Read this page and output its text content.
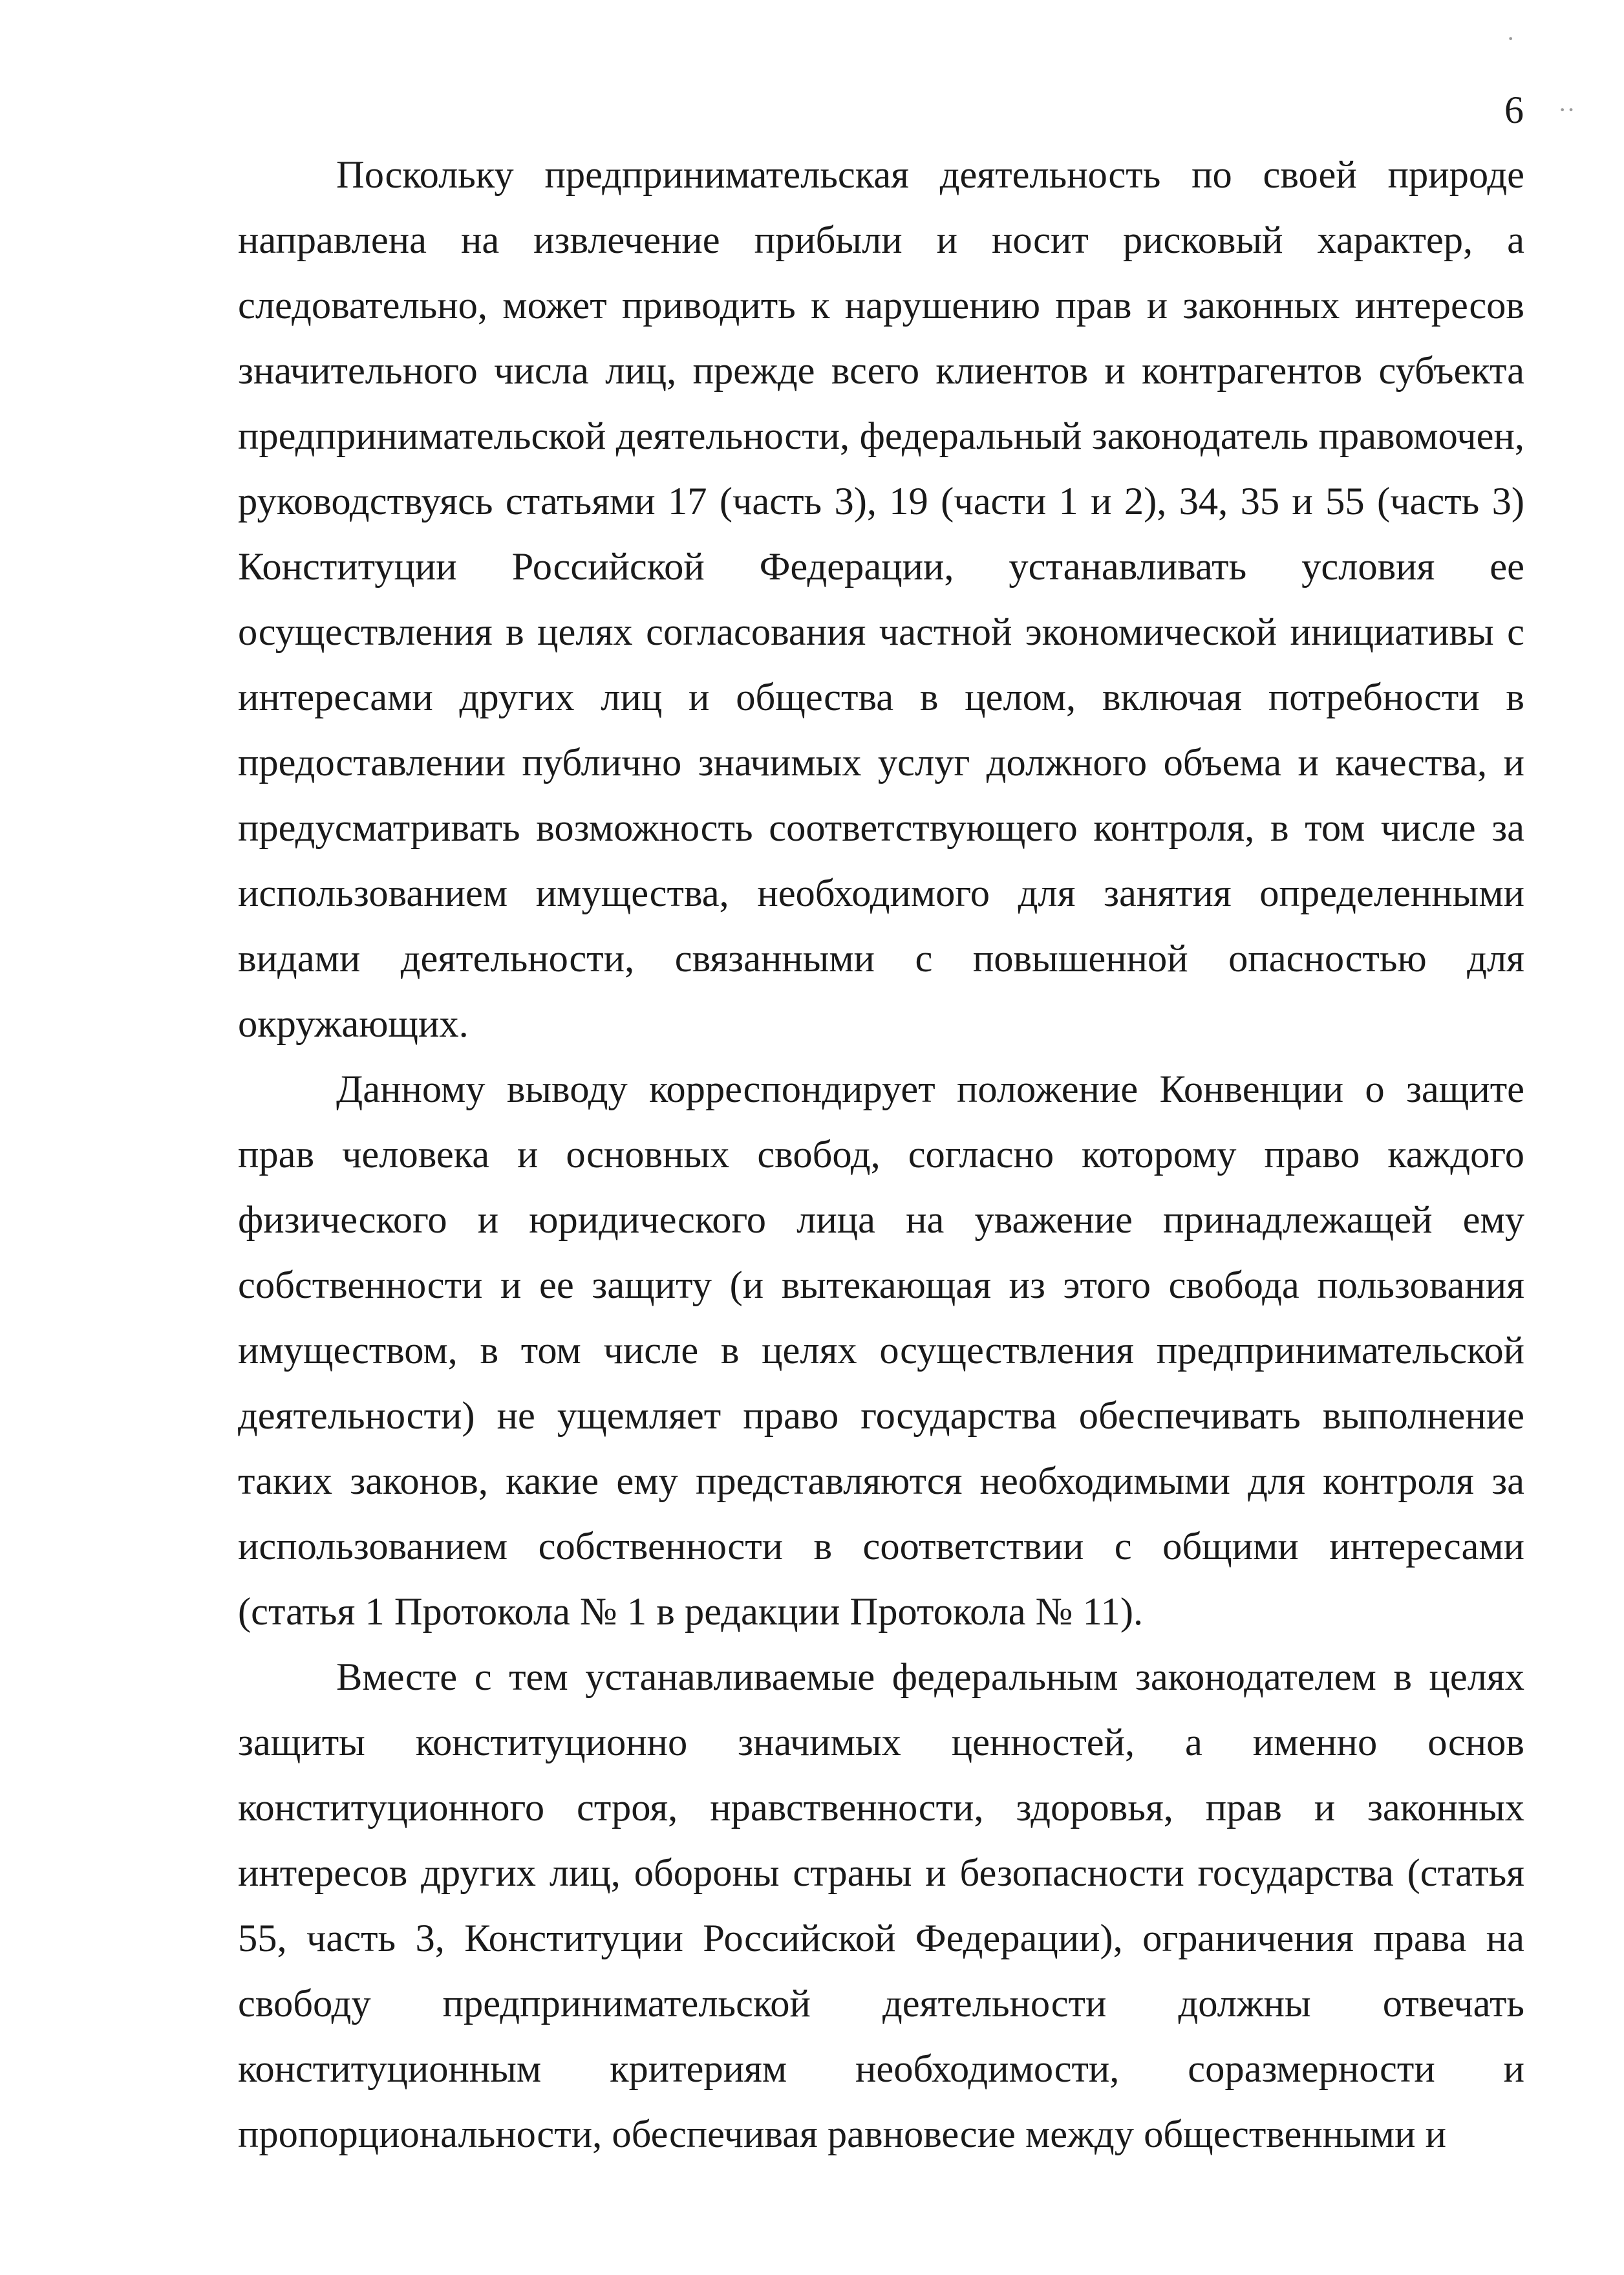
·
··
6

Поскольку предпринимательская деятельность по своей природе направлена на извлечение прибыли и носит рисковый характер, а следовательно, может приводить к нарушению прав и законных интересов значительного числа лиц, прежде всего клиентов и контрагентов субъекта предпринимательской деятельности, федеральный законодатель правомочен, руководствуясь статьями 17 (часть 3), 19 (части 1 и 2), 34, 35 и 55 (часть 3) Конституции Российской Федерации, устанавливать условия ее осуществления в целях согласования частной экономической инициативы с интересами других лиц и общества в целом, включая потребности в предоставлении публично значимых услуг должного объема и качества, и предусматривать возможность соответствующего контроля, в том числе за использованием имущества, необходимого для занятия определенными видами деятельности, связанными с повышенной опасностью для окружающих.

Данному выводу корреспондирует положение Конвенции о защите прав человека и основных свобод, согласно которому право каждого физического и юридического лица на уважение принадлежащей ему собственности и ее защиту (и вытекающая из этого свобода пользования имуществом, в том числе в целях осуществления предпринимательской деятельности) не ущемляет право государства обеспечивать выполнение таких законов, какие ему представляются необходимыми для контроля за использованием собственности в соответствии с общими интересами (статья 1 Протокола № 1 в редакции Протокола № 11).

Вместе с тем устанавливаемые федеральным законодателем в целях защиты конституционно значимых ценностей, а именно основ конституционного строя, нравственности, здоровья, прав и законных интересов других лиц, обороны страны и безопасности государства (статья 55, часть 3, Конституции Российской Федерации), ограничения права на свободу предпринимательской деятельности должны отвечать конституционным критериям необходимости, соразмерности и пропорциональности, обеспечивая равновесие между общественными и
